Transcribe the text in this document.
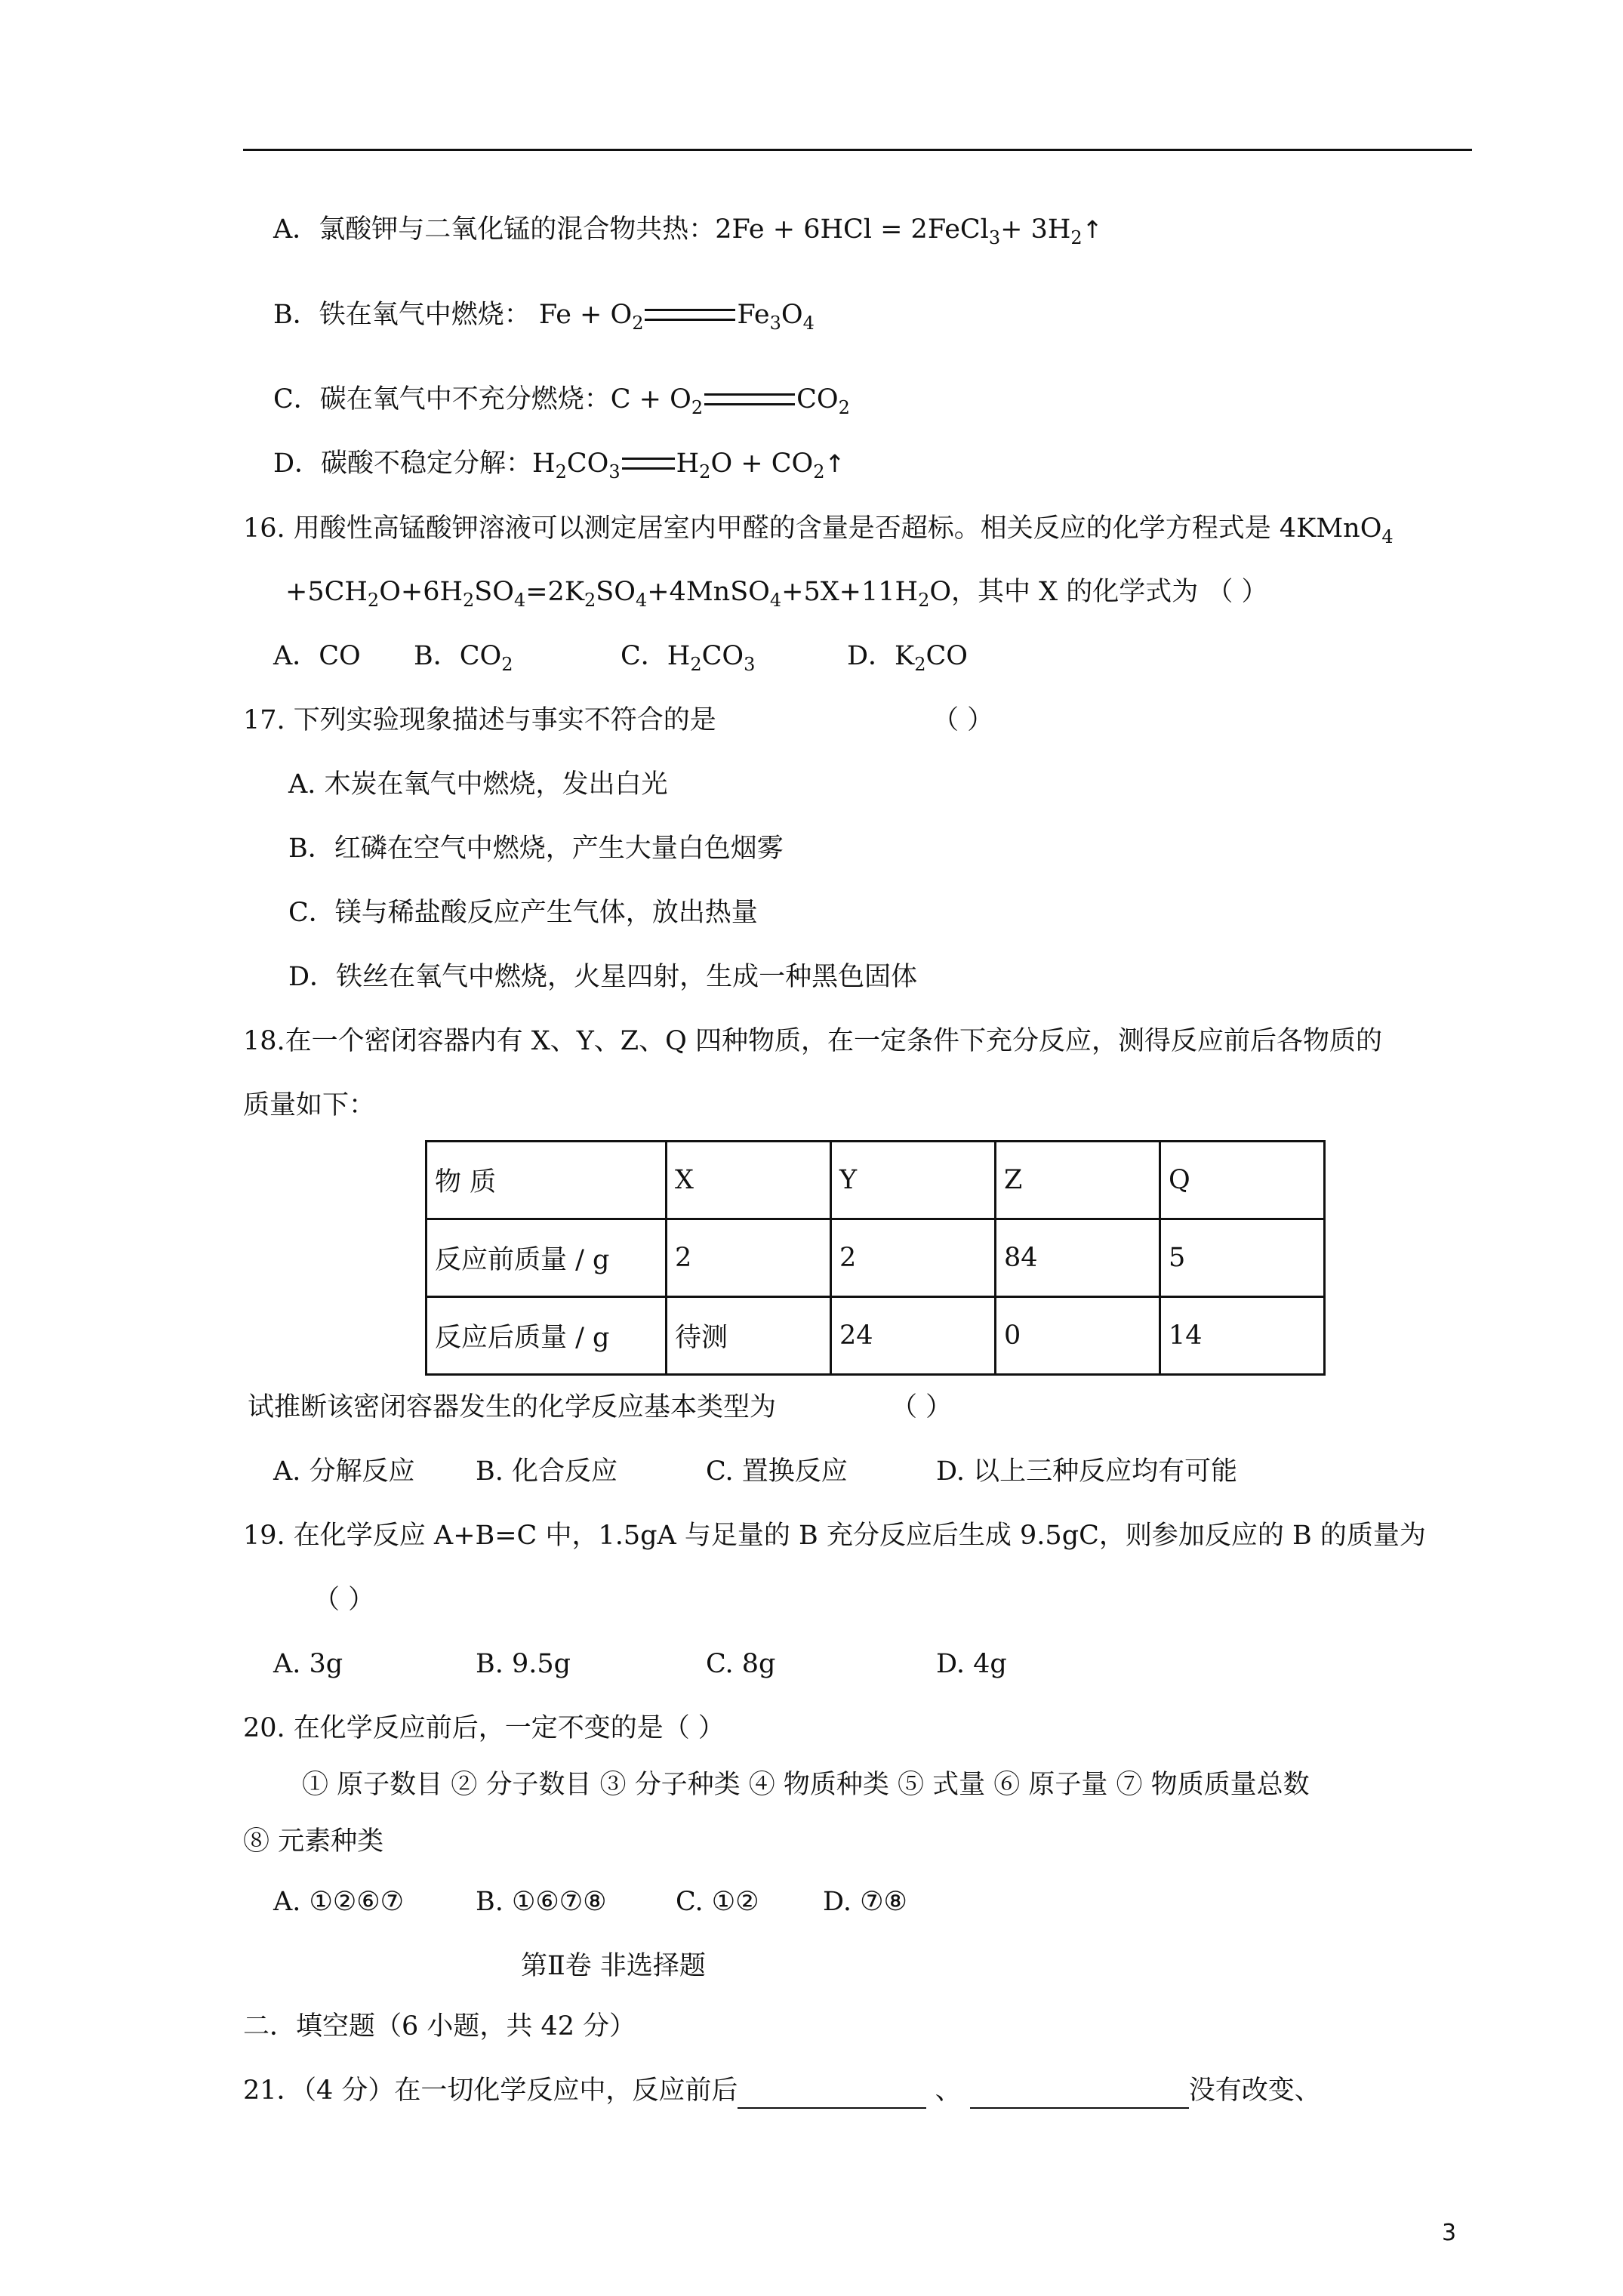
A．氯酸钾与二氧化锰的混合物共热：2Fe + 6HCl = 2FeCl$_3$+ $3H_2↑$
B．铁在氧气中燃烧： $Fe + O_2$	$Fe_3O_4$
C．碳在氧气中不充分燃烧：$C + O_2$	$CO_2$
D．碳酸不稳定分解：$H_2CO_3$ $H_2O$ + $CO_2↑$
16. 用酸性高锰酸钾溶液可以测定居室内甲醛的含量是否超标。相关反应的化学方程式是 4KMnO$_4$
$+5CH_2O+6H_2SO_4=2K_2SO_4+4MnSO_4+5X+11H_2O$，其中 X 的化学式为 （ ）
A．CO B．$CO_2$	C．$H_2CO_3$	D．$K_2CO$
17. 下列实验现象描述与事实不符合的是	（ ）
A. 木炭在氧气中燃烧，发出白光
B．红磷在空气中燃烧，产生大量白色烟雾
C．镁与稀盐酸反应产生气体，放出热量
D．铁丝在氧气中燃烧，火星四射，生成一种黑色固体
18.在一个密闭容器内有 X、Y、Z、Q 四种物质，在一定条件下充分反应，测得反应前后各物质的
质量如下：
物 质	X	Y	Z	Q
反应前质量 / g	2	2	84	5
反应后质量 / g	待测	24	0	14
试推断该密闭容器发生的化学反应基本类型为	（ ）
A. 分解反应 B. 化合反应	C. 置换反应	D. 以上三种反应均有可能
19. 在化学反应 A+B=C 中，1.5gA 与足量的 B 充分反应后生成 9.5gC，则参加反应的 B 的质量为
（ ）
A. 3g	B. 9.5g	C. 8g	D. 4g
20. 在化学反应前后，一定不变的是（ ）
① 原子数目 ② 分子数目 ③ 分子种类 ④ 物质种类 ⑤ 式量 ⑥ 原子量 ⑦ 物质质量总数
⑧ 元素种类
A. ①②⑥⑦	B. ①⑥⑦⑧	C. ①② D. ⑦⑧
第Ⅱ卷 非选择题
二．填空题（6 小题，共 42 分）
21．（4 分）在一切化学反应中，反应前后	、	没有改变、
3
